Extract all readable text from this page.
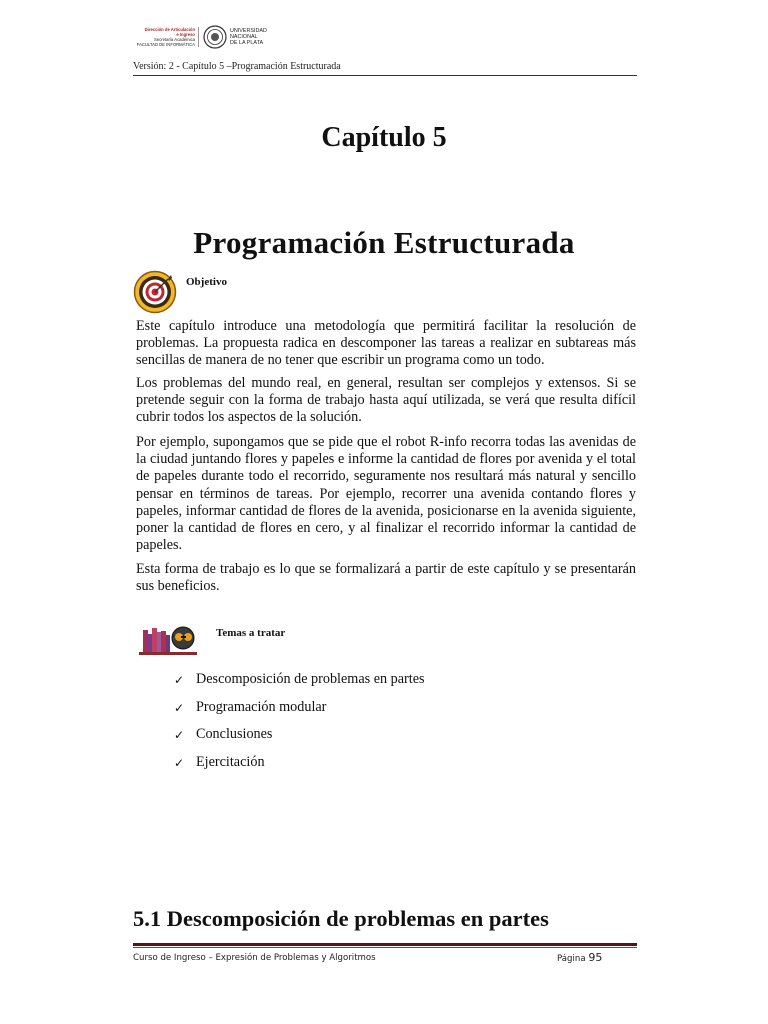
Dirección de Articulación
e Ingreso
Secretaría Académica
FACULTAD DE INFORMÁTICA
UNIVERSIDAD
NACIONAL
DE LA PLATA
Versión: 2 - Capítulo 5 –Programación Estructurada
Capítulo 5
Programación Estructurada
Objetivo

Este capítulo introduce una metodología que permitirá facilitar la resolución de problemas. La propuesta radica en descomponer las tareas a realizar en subtareas más sencillas de manera de no tener que escribir un programa como un todo.

Los problemas del mundo real, en general, resultan ser complejos y extensos. Si se pretende seguir con la forma de trabajo hasta aquí utilizada, se verá que resulta difícil cubrir todos los aspectos de la solución.

Por ejemplo, supongamos que se pide que el robot R-info recorra todas las avenidas de la ciudad juntando flores y papeles e informe la cantidad de flores por avenida y el total de papeles durante todo el recorrido, seguramente nos resultará más natural y sencillo pensar en términos de tareas. Por ejemplo, recorrer una avenida contando flores y papeles, informar cantidad de flores de la avenida, posicionarse en la avenida siguiente, poner la cantidad de flores en cero, y al finalizar el recorrido informar la cantidad de papeles.

Esta forma de trabajo es lo que se formalizará a partir de este capítulo y se presentarán sus beneficios.

Temas a tratar
✓ Descomposición de problemas en partes
✓ Programación modular
✓ Conclusiones
✓ Ejercitación
5.1 Descomposición de problemas en partes
Curso de Ingreso – Expresión de Problemas y Algoritmos	Página 95
